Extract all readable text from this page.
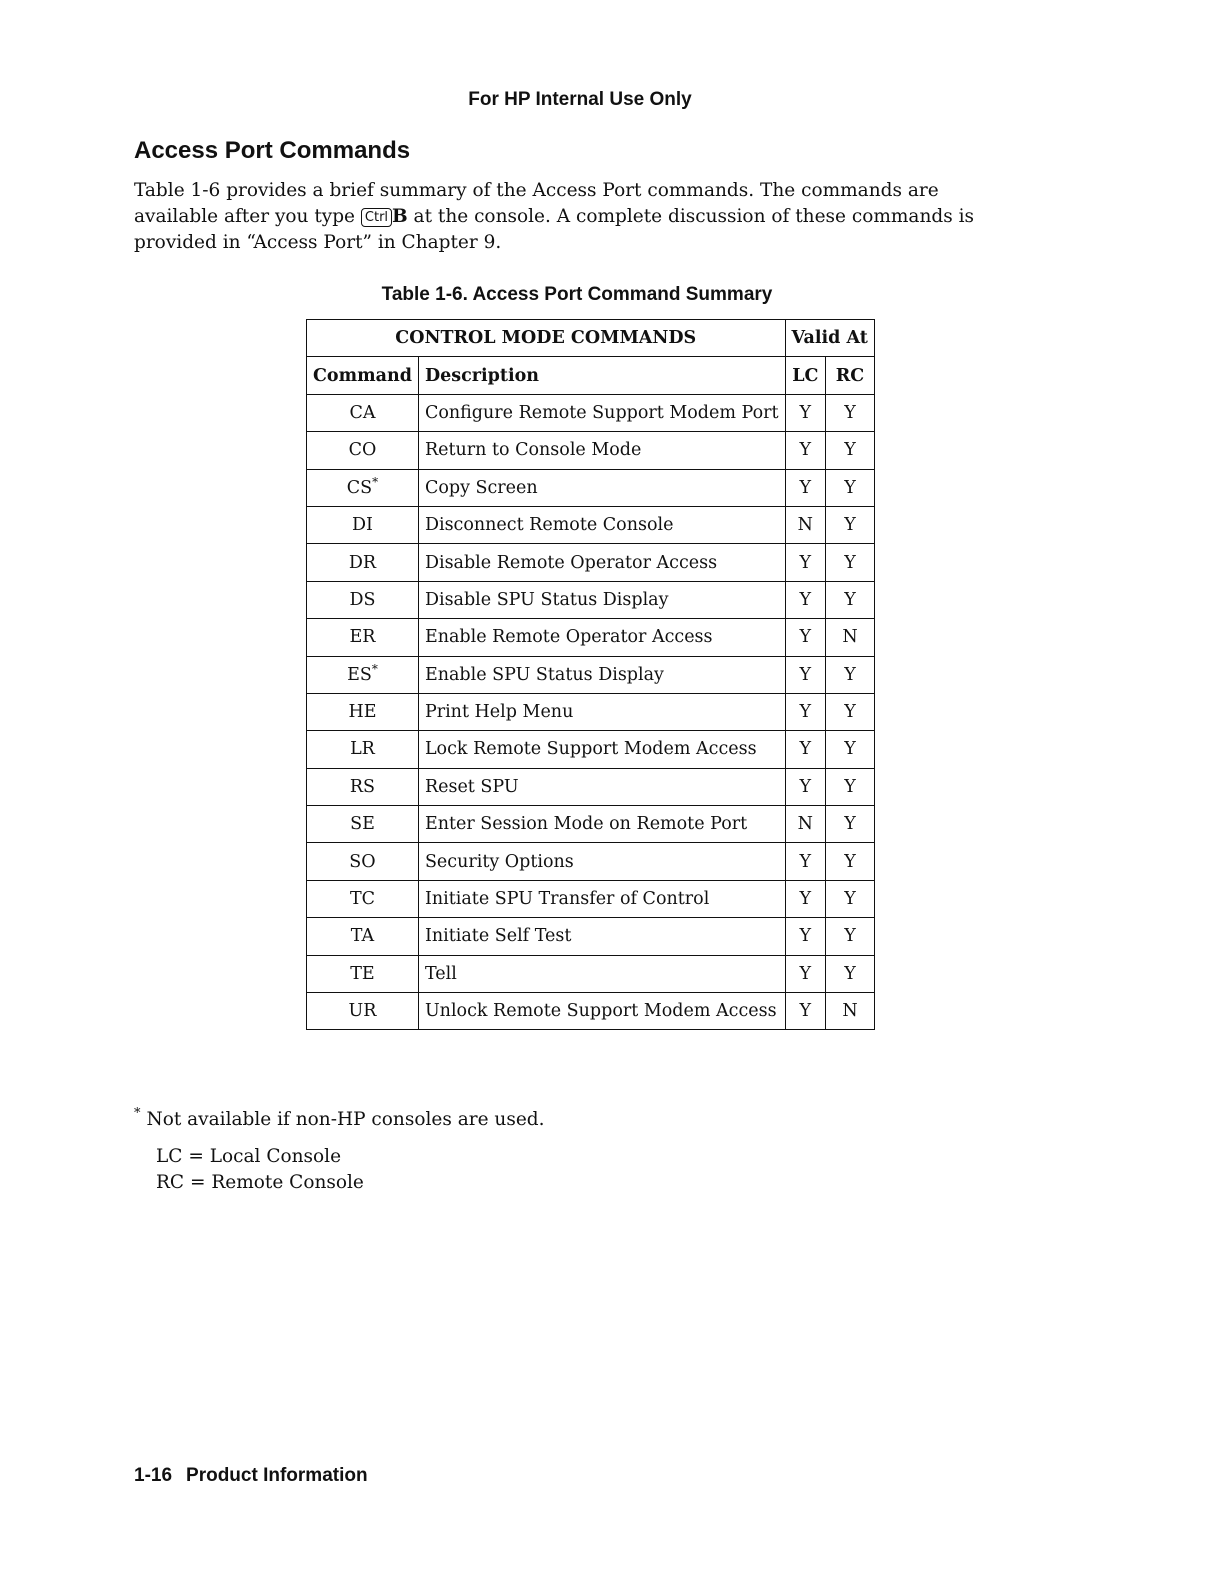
For HP Internal Use Only
Access Port Commands

Table 1-6 provides a brief summary of the Access Port commands. The commands are
available after you type Ctrl B at the console. A complete discussion of these commands is
provided in “Access Port” in Chapter 9.

Table 1-6. Access Port Command Summary
CONTROL MODE COMMANDS		Valid At	
Command	Description	LC	RC
CA	Configure Remote Support Modem Port	Y	Y
CO	Return to Console Mode	Y	Y
CS*	Copy Screen	Y	Y
DI	Disconnect Remote Console	N	Y
DR	Disable Remote Operator Access	Y	Y
DS	Disable SPU Status Display	Y	Y
ER	Enable Remote Operator Access	Y	N
ES*	Enable SPU Status Display	Y	Y
HE	Print Help Menu	Y	Y
LR	Lock Remote Support Modem Access	Y	Y
RS	Reset SPU	Y	Y
SE	Enter Session Mode on Remote Port	N	Y
SO	Security Options	Y	Y
TC	Initiate SPU Transfer of Control	Y	Y
TA	Initiate Self Test	Y	Y
TE	Tell	Y	Y
UR	Unlock Remote Support Modem Access	Y	N
* Not available if non-HP consoles are used.
LC = Local Console
RC = Remote Console
1-16 Product Information
